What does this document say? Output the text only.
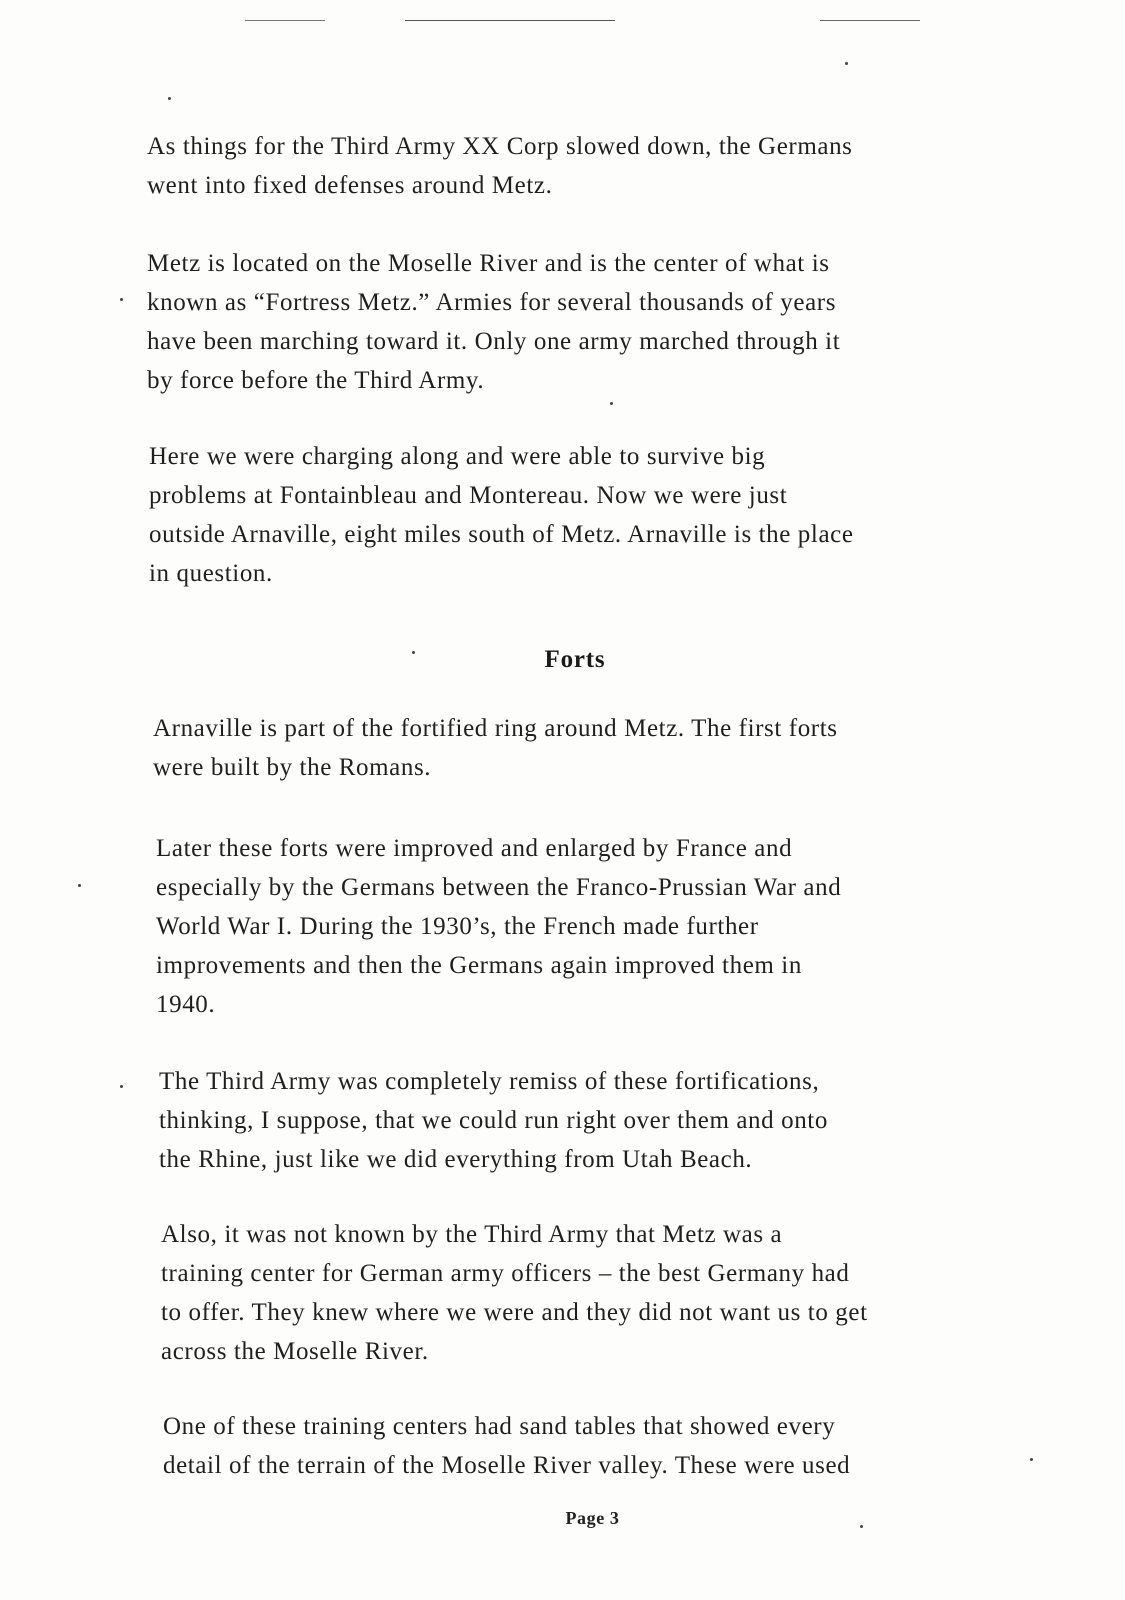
As things for the Third Army XX Corp slowed down, the Germans
went into fixed defenses around Metz.

Metz is located on the Moselle River and is the center of what is
known as “Fortress Metz.” Armies for several thousands of years
have been marching toward it. Only one army marched through it
by force before the Third Army.

Here we were charging along and were able to survive big
problems at Fontainbleau and Montereau. Now we were just
outside Arnaville, eight miles south of Metz. Arnaville is the place
in question.

Forts

Arnaville is part of the fortified ring around Metz. The first forts
were built by the Romans.

Later these forts were improved and enlarged by France and
especially by the Germans between the Franco-Prussian War and
World War I. During the 1930’s, the French made further
improvements and then the Germans again improved them in
1940.

The Third Army was completely remiss of these fortifications,
thinking, I suppose, that we could run right over them and onto
the Rhine, just like we did everything from Utah Beach.

Also, it was not known by the Third Army that Metz was a
training center for German army officers – the best Germany had
to offer. They knew where we were and they did not want us to get
across the Moselle River.

One of these training centers had sand tables that showed every
detail of the terrain of the Moselle River valley. These were used

Page 3
